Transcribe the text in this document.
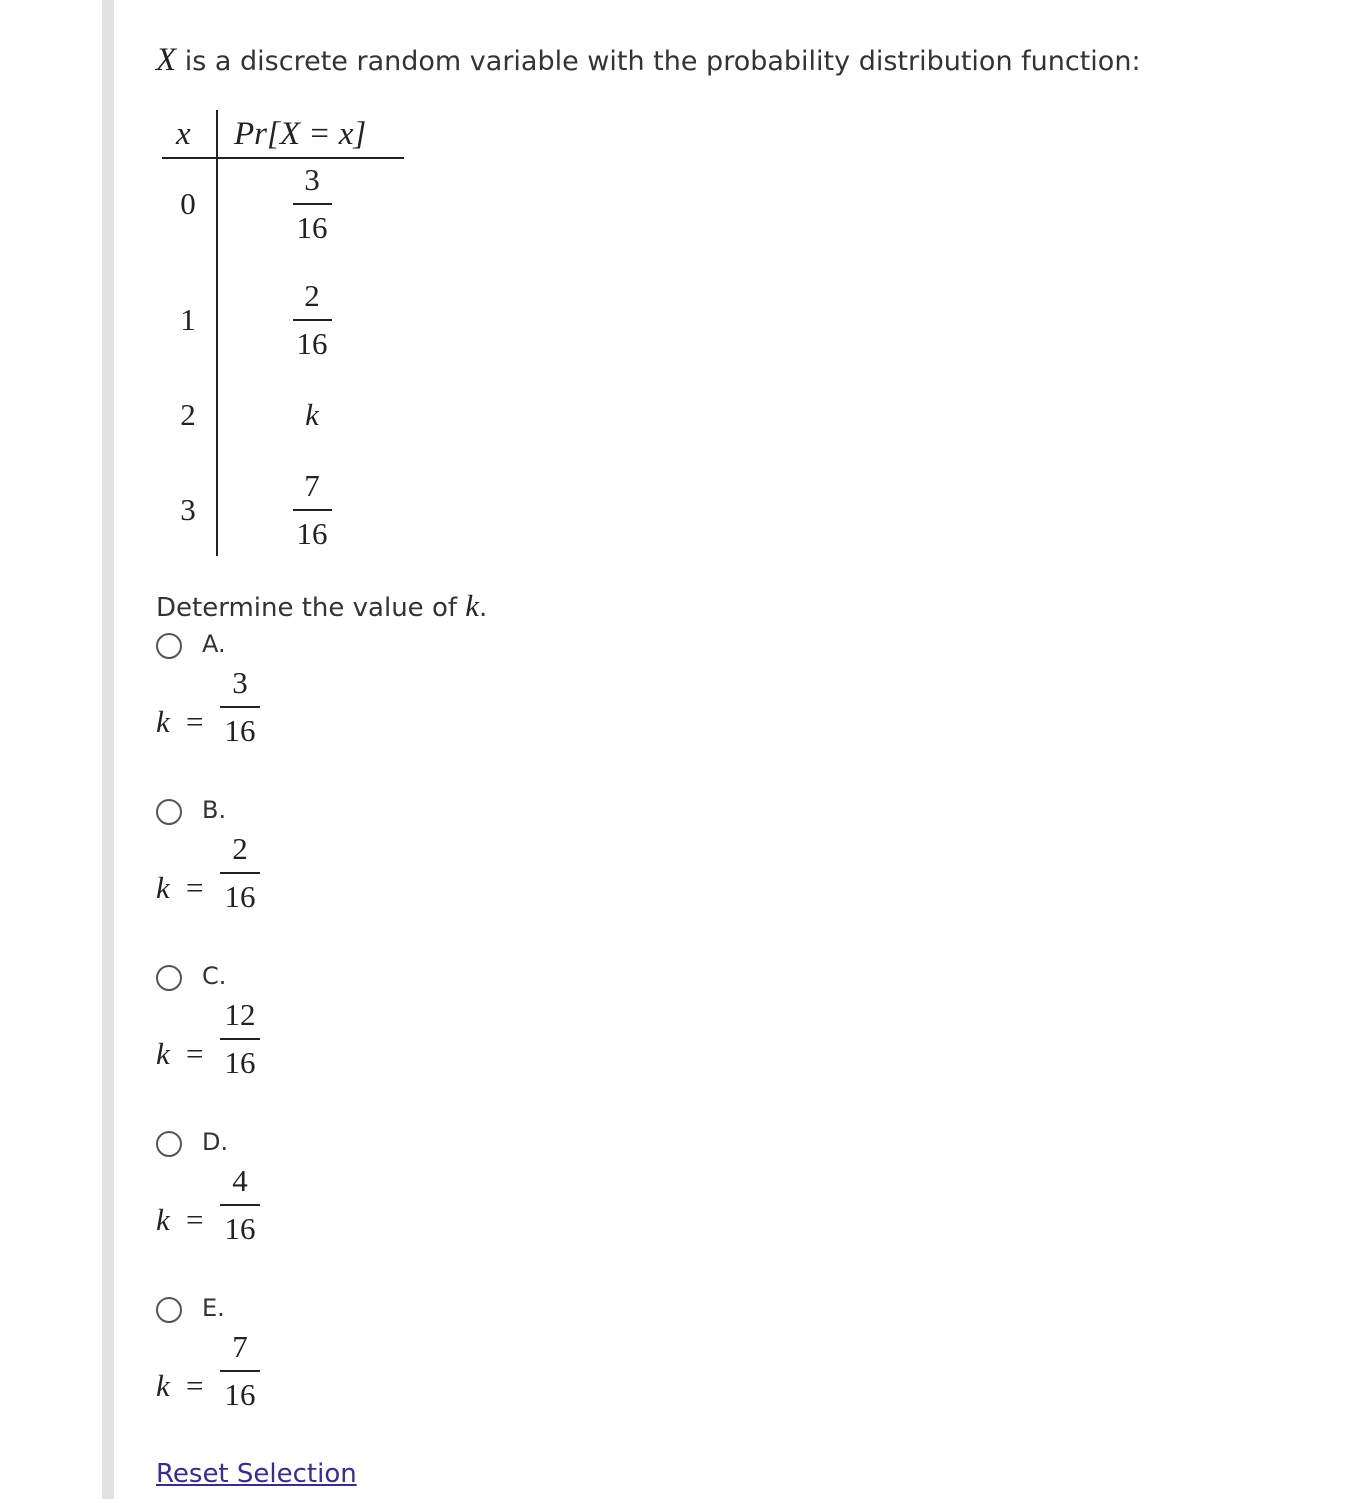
X is a discrete random variable with the probability distribution function:
x Pr[X = x]
0	$\frac{3}{16}$
1	$\frac{2}{16}$
2	k
3	$\frac{7}{16}$
Determine the value of k.
A.
k =
3
16
B.
k =
2
16
C.
k =
12
16
D.
k =
4
16
E.
k =
7
16
Reset Selection
